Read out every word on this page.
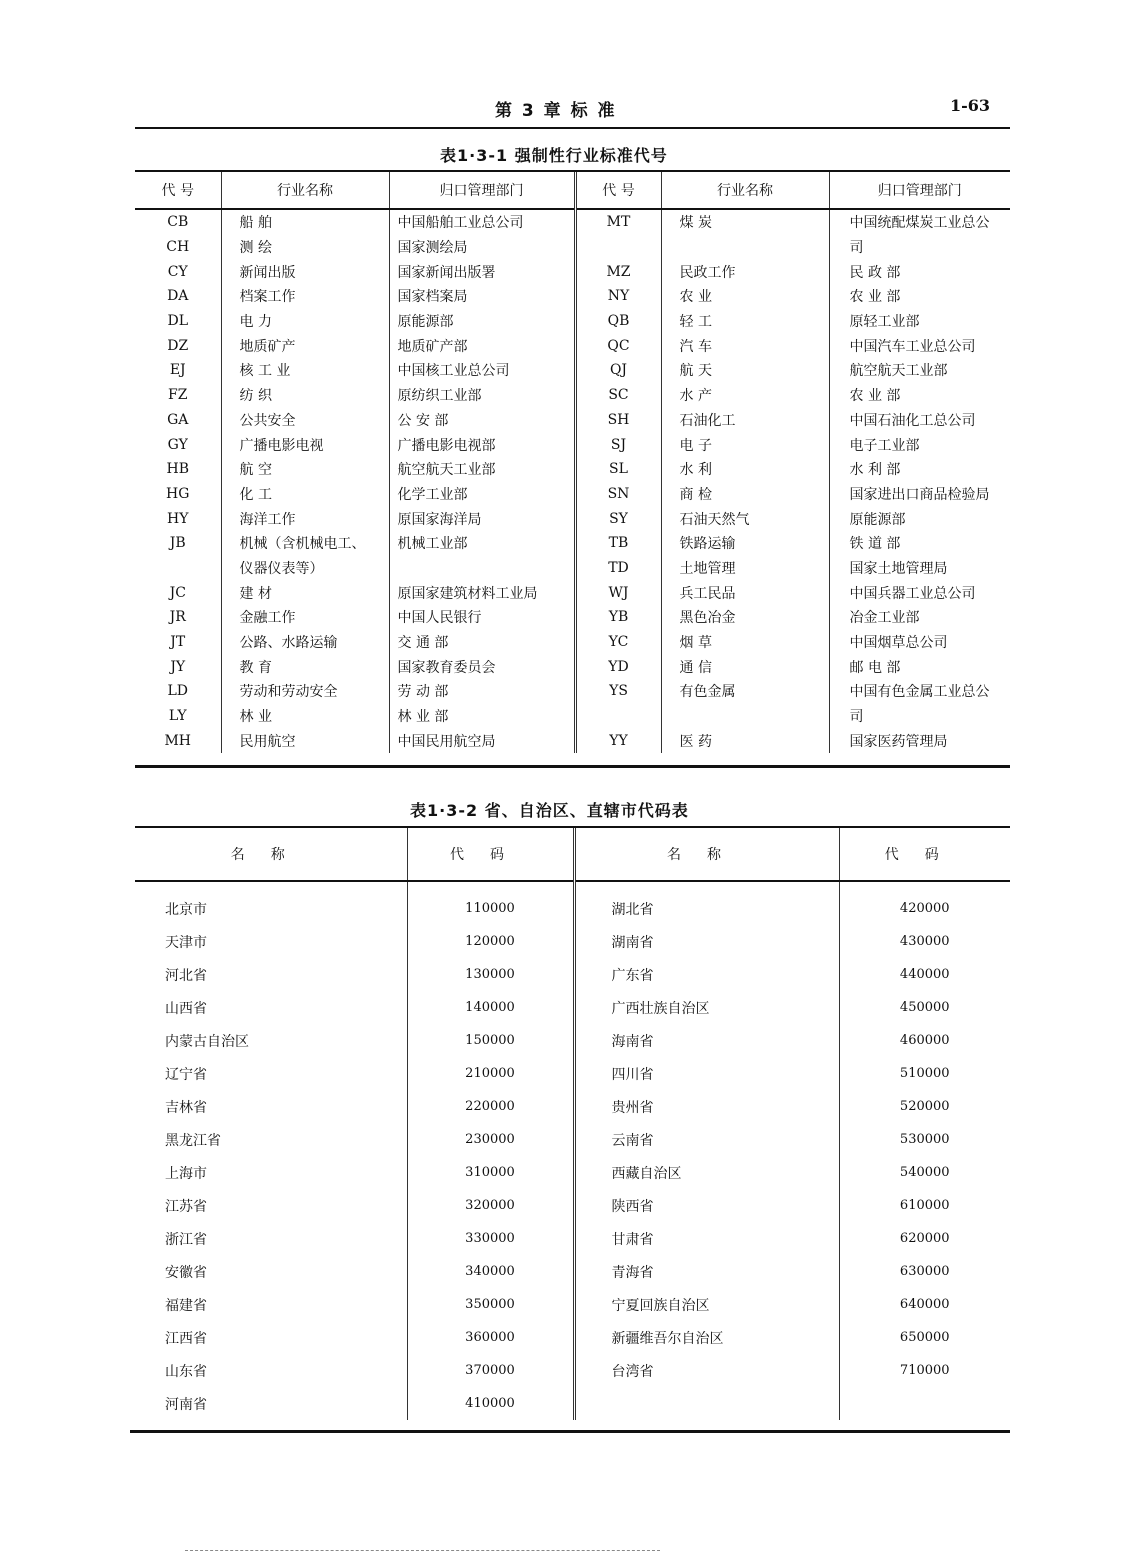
第 3 章 标 准	1-63
表1·3-1 强制性行业标准代号
代 号	行业名称	归口管理部门	代 号	行业名称	归口管理部门
CB	船 舶	中国船舶工业总公司	MT	煤 炭	中国统配煤炭工业总公
CH	测 绘	国家测绘局			司
CY	新闻出版	国家新闻出版署	MZ	民政工作	民 政 部
DA	档案工作	国家档案局	NY	农 业	农 业 部
DL	电 力	原能源部	QB	轻 工	原轻工业部
DZ	地质矿产	地质矿产部	QC	汽 车	中国汽车工业总公司
EJ	核 工 业	中国核工业总公司	QJ	航 天	航空航天工业部
FZ	纺 织	原纺织工业部	SC	水 产	农 业 部
GA	公共安全	公 安 部	SH	石油化工	中国石油化工总公司
GY	广播电影电视	广播电影电视部	SJ	电 子	电子工业部
HB	航 空	航空航天工业部	SL	水 利	水 利 部
HG	化 工	化学工业部	SN	商 检	国家进出口商品检验局
HY	海洋工作	原国家海洋局	SY	石油天然气	原能源部
JB	机械（含机械电工、	机械工业部	TB	铁路运输	铁 道 部
	仪器仪表等）		TD	土地管理	国家土地管理局
JC	建 材	原国家建筑材料工业局	WJ	兵工民品	中国兵器工业总公司
JR	金融工作	中国人民银行	YB	黑色冶金	冶金工业部
JT	公路、水路运输	交 通 部	YC	烟 草	中国烟草总公司
JY	教 育	国家教育委员会	YD	通 信	邮 电 部
LD	劳动和劳动安全	劳 动 部	YS	有色金属	中国有色金属工业总公
LY	林 业	林 业 部			司
MH	民用航空	中国民用航空局	YY	医 药	国家医药管理局
表1·3-2 省、自治区、直辖市代码表
名称	代码	名称	代码
北京市	110000	湖北省	420000
天津市	120000	湖南省	430000
河北省	130000	广东省	440000
山西省	140000	广西壮族自治区	450000
内蒙古自治区	150000	海南省	460000
辽宁省	210000	四川省	510000
吉林省	220000	贵州省	520000
黑龙江省	230000	云南省	530000
上海市	310000	西藏自治区	540000
江苏省	320000	陕西省	610000
浙江省	330000	甘肃省	620000
安徽省	340000	青海省	630000
福建省	350000	宁夏回族自治区	640000
江西省	360000	新疆维吾尔自治区	650000
山东省	370000	台湾省	710000
河南省	410000		
